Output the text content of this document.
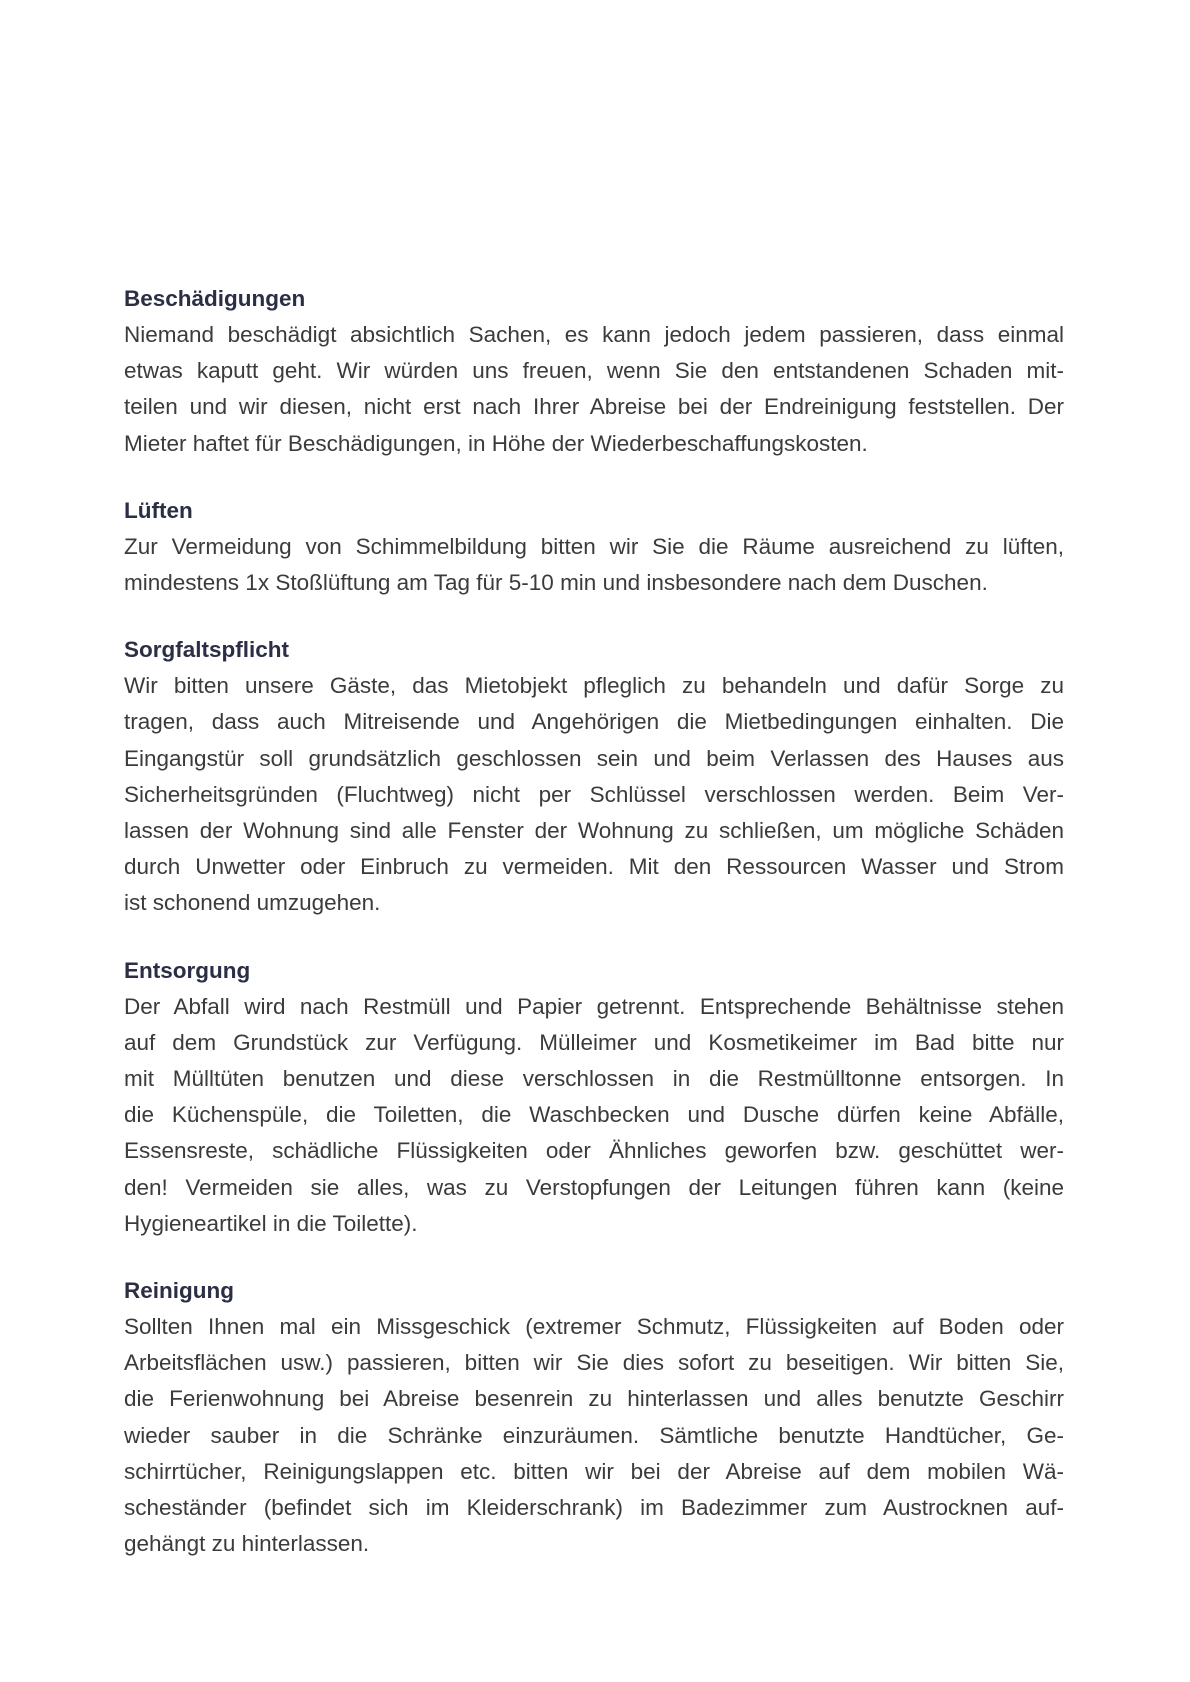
Beschädigungen
Niemand beschädigt absichtlich Sachen, es kann jedoch jedem passieren, dass einmal
etwas kaputt geht. Wir würden uns freuen, wenn Sie den entstandenen Schaden mit-
teilen und wir diesen, nicht erst nach Ihrer Abreise bei der Endreinigung feststellen. Der
Mieter haftet für Beschädigungen, in Höhe der Wiederbeschaffungskosten.
Lüften
Zur Vermeidung von Schimmelbildung bitten wir Sie die Räume ausreichend zu lüften,
mindestens 1x Stoßlüftung am Tag für 5-10 min und insbesondere nach dem Duschen.
Sorgfaltspflicht
Wir bitten unsere Gäste, das Mietobjekt pfleglich zu behandeln und dafür Sorge zu
tragen, dass auch Mitreisende und Angehörigen die Mietbedingungen einhalten. Die
Eingangstür soll grundsätzlich geschlossen sein und beim Verlassen des Hauses aus
Sicherheitsgründen (Fluchtweg) nicht per Schlüssel verschlossen werden. Beim Ver-
lassen der Wohnung sind alle Fenster der Wohnung zu schließen, um mögliche Schäden
durch Unwetter oder Einbruch zu vermeiden. Mit den Ressourcen Wasser und Strom
ist schonend umzugehen.
Entsorgung
Der Abfall wird nach Restmüll und Papier getrennt. Entsprechende Behältnisse stehen
auf dem Grundstück zur Verfügung. Mülleimer und Kosmetikeimer im Bad bitte nur
mit Mülltüten benutzen und diese verschlossen in die Restmülltonne entsorgen. In
die Küchenspüle, die Toiletten, die Waschbecken und Dusche dürfen keine Abfälle,
Essensreste, schädliche Flüssigkeiten oder Ähnliches geworfen bzw. geschüttet wer-
den! Vermeiden sie alles, was zu Verstopfungen der Leitungen führen kann (keine
Hygieneartikel in die Toilette).
Reinigung
Sollten Ihnen mal ein Missgeschick (extremer Schmutz, Flüssigkeiten auf Boden oder
Arbeitsflächen usw.) passieren, bitten wir Sie dies sofort zu beseitigen. Wir bitten Sie,
die Ferienwohnung bei Abreise besenrein zu hinterlassen und alles benutzte Geschirr
wieder sauber in die Schränke einzuräumen. Sämtliche benutzte Handtücher, Ge-
schirrtücher, Reinigungslappen etc. bitten wir bei der Abreise auf dem mobilen Wä-
scheständer (befindet sich im Kleiderschrank) im Badezimmer zum Austrocknen auf-
gehängt zu hinterlassen.
